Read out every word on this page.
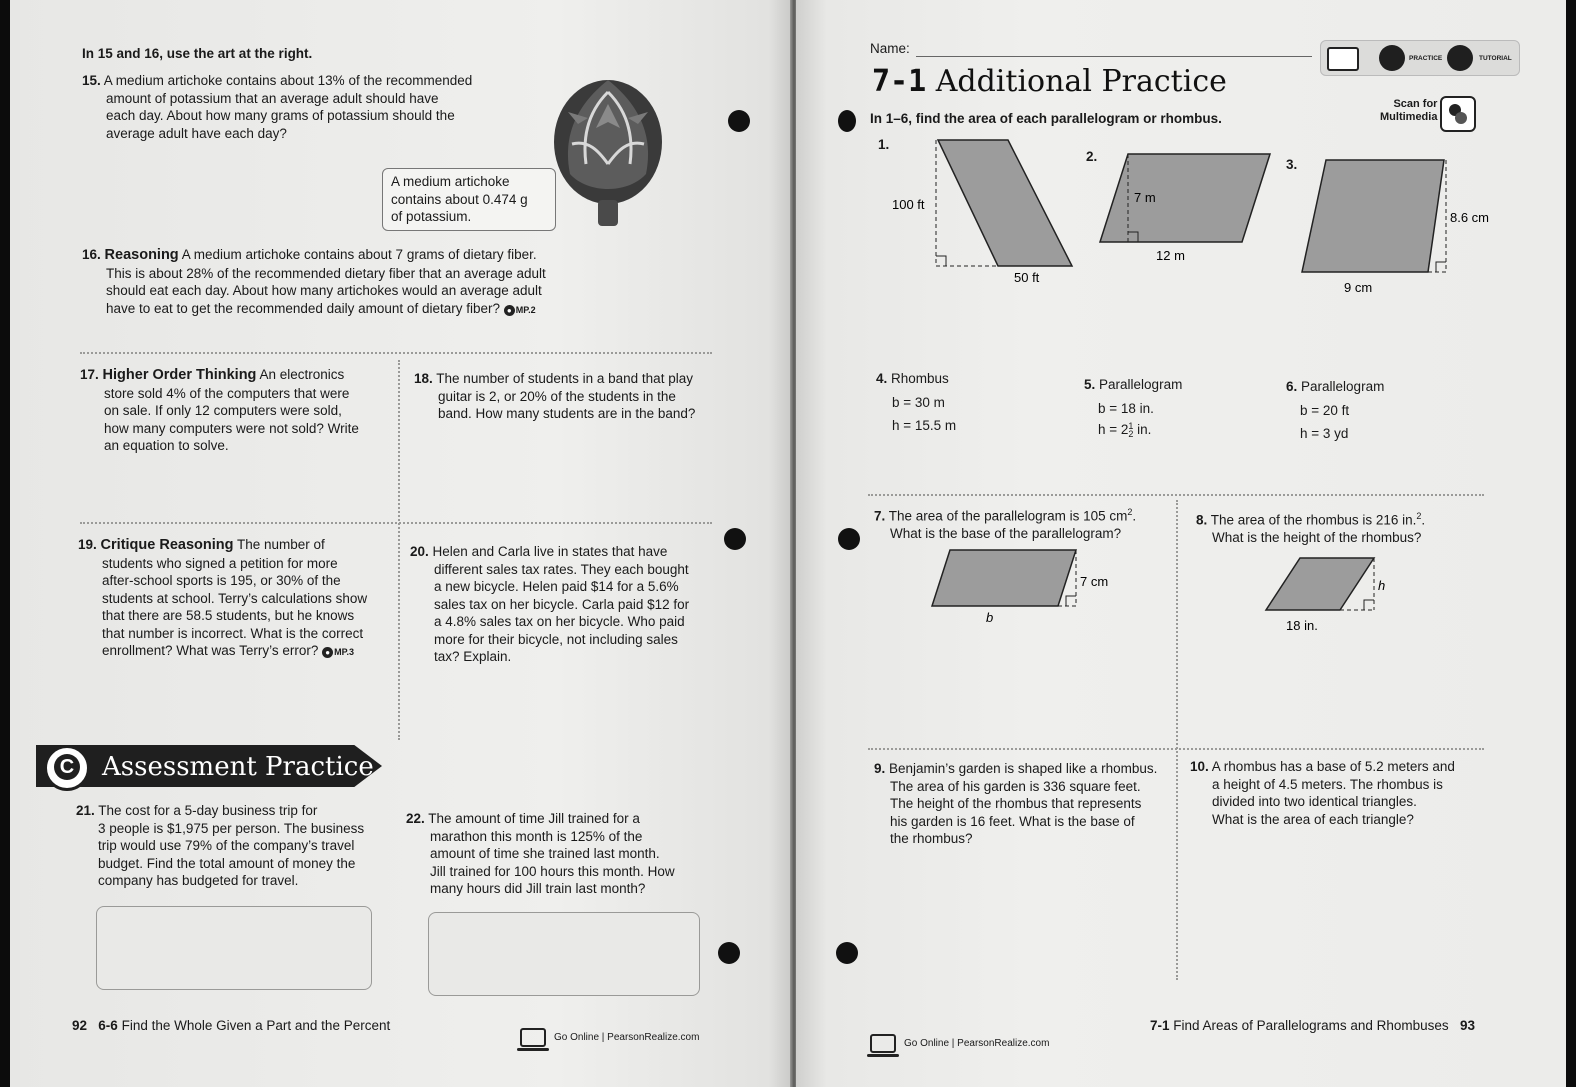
In 15 and 16, use the art at the right.
15. A medium artichoke contains about 13% of the recommended
amount of potassium that an average adult should have
each day. About how many grams of potassium should the
average adult have each day?
A medium artichoke
contains about 0.474 g
of potassium.
16. Reasoning A medium artichoke contains about 7 grams of dietary fiber.
This is about 28% of the recommended dietary fiber that an average adult
should eat each day. About how many artichokes would an average adult
have to eat to get the recommended daily amount of dietary fiber? ● MP.2
17. Higher Order Thinking An electronics
store sold 4% of the computers that were
on sale. If only 12 computers were sold,
how many computers were not sold? Write
an equation to solve.
18. The number of students in a band that play
guitar is 2, or 20% of the students in the
band. How many students are in the band?
19. Critique Reasoning The number of
students who signed a petition for more
after-school sports is 195, or 30% of the
students at school. Terry’s calculations show
that there are 58.5 students, but he knows
that number is incorrect. What is the correct
enrollment? What was Terry’s error? ● MP.3
20. Helen and Carla live in states that have
different sales tax rates. They each bought
a new bicycle. Helen paid $14 for a 5.6%
sales tax on her bicycle. Carla paid $12 for
a 4.8% sales tax on her bicycle. Who paid
more for their bicycle, not including sales
tax? Explain.
C Assessment Practice
21. The cost for a 5-day business trip for
3 people is $1,975 per person. The business
trip would use 79% of the company’s travel
budget. Find the total amount of money the
company has budgeted for travel.
22. The amount of time Jill trained for a
marathon this month is 125% of the
amount of time she trained last month.
Jill trained for 100 hours this month. How
many hours did Jill train last month?
92 6-6 Find the Whole Given a Part and the Percent
Go Online | PearsonRealize.com
Name:
PRACTICE	TUTORIAL
7-1 Additional Practice
Scan for
Multimedia
In 1–6, find the area of each parallelogram or rhombus.
1.
100 ft
50 ft
2.
7 m
12 m
3.
8.6 cm
9 cm
4. Rhombus

b = 30 m
h = 15.5 m
5. Parallelogram

b = 18 in.
h = 21
2 in.
6. Parallelogram

b = 20 ft
h = 3 yd
7. The area of the parallelogram is 105 $cm^2$.
What is the base of the parallelogram?
7 cm
b
8. The area of the rhombus is 216 in.$^2$.
What is the height of the rhombus?
h
18 in.
9. Benjamin’s garden is shaped like a rhombus.
The area of his garden is 336 square feet.
The height of the rhombus that represents
his garden is 16 feet. What is the base of
the rhombus?
10. A rhombus has a base of 5.2 meters and
a height of 4.5 meters. The rhombus is
divided into two identical triangles.
What is the area of each triangle?
Go Online | PearsonRealize.com
7-1 Find Areas of Parallelograms and Rhombuses 93
